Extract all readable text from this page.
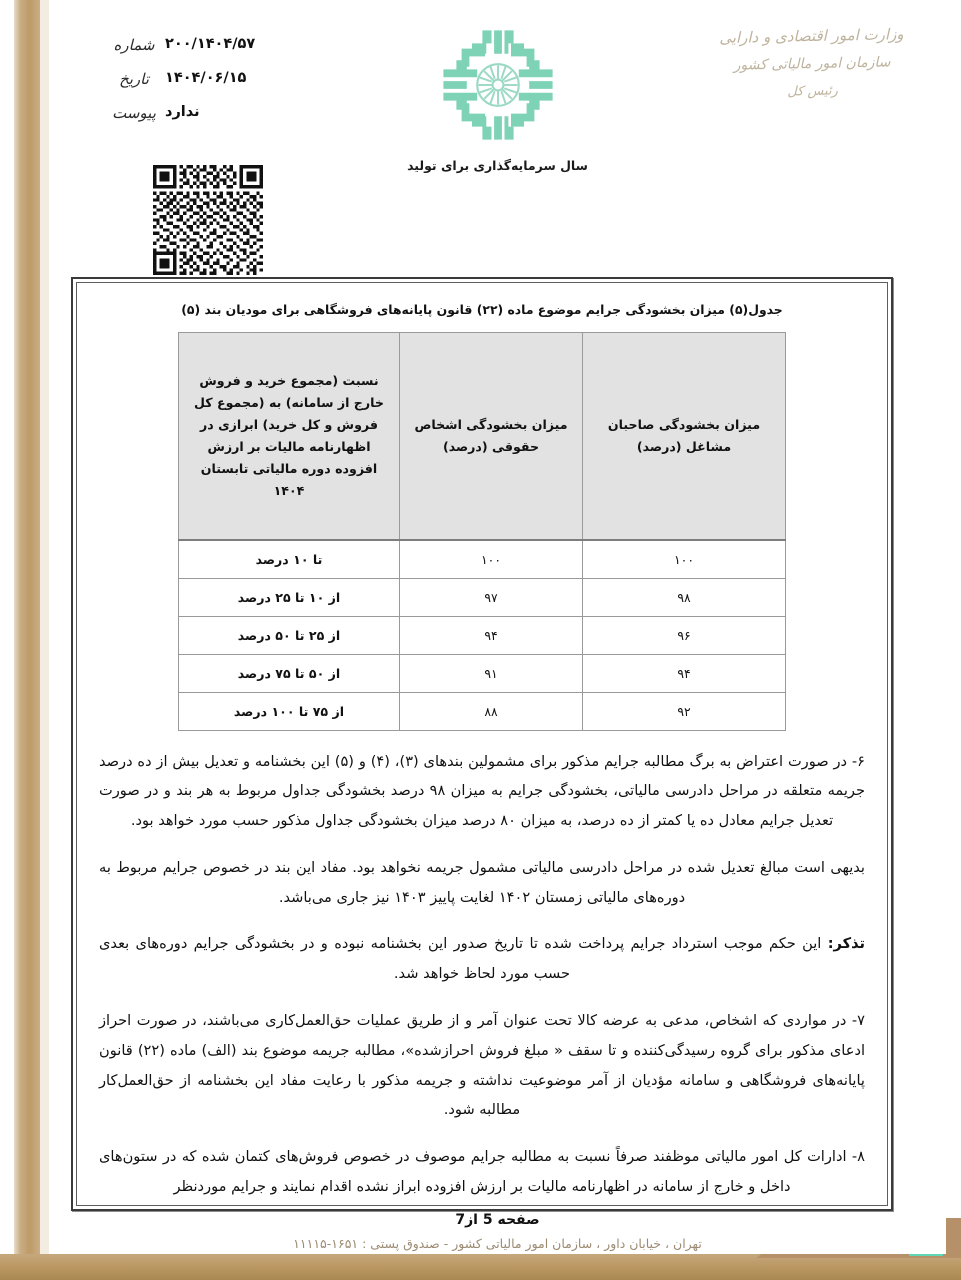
وزارت امور اقتصادی و دارایی
سازمان امور مالیاتی کشور
رئیس کل
سال سرمایه‌گذاری برای تولید
شماره ۲۰۰/۱۴۰۴/۵۷
تاریخ	۱۴۰۴/۰۶/۱۵
پیوست ندارد
جدول(۵) میزان بخشودگی جرایم موضوع ماده (۲۲) قانون پایانه‌های فروشگاهی برای مودیان بند (۵)
میزان بخشودگی صاحبان مشاغل (درصد)	میزان بخشودگی اشخاص حقوقی (درصد)	نسبت (مجموع خرید و فروش خارج از سامانه) به (مجموع کل فروش و کل خرید) ابرازی در اظهارنامه مالیات بر ارزش افزوده دوره مالیاتی تابستان ۱۴۰۴
۱۰۰	۱۰۰	تا ۱۰ درصد
۹۸	۹۷	از ۱۰ تا ۲۵ درصد
۹۶	۹۴	از ۲۵ تا ۵۰ درصد
۹۴	۹۱	از ۵۰ تا ۷۵ درصد
۹۲	۸۸	از ۷۵ تا ۱۰۰ درصد

۶- در صورت اعتراض به برگ مطالبه جرایم مذکور برای مشمولین بندهای (۳)، (۴) و (۵) این بخشنامه و تعدیل بیش از ده درصد جریمه متعلقه در مراحل دادرسی مالیاتی، بخشودگی جرایم به میزان ۹۸ درصد بخشودگی جداول مربوط به هر بند و در صورت تعدیل جرایم معادل ده یا کمتر از ده درصد، به میزان ۸۰ درصد میزان بخشودگی جداول مذکور حسب مورد خواهد بود.

بدیهی است مبالغ تعدیل شده در مراحل دادرسی مالیاتی مشمول جریمه نخواهد بود. مفاد این بند در خصوص جرایم مربوط به دوره‌های مالیاتی زمستان ۱۴۰۲ لغایت پاییز ۱۴۰۳ نیز جاری می‌باشد.

تذکر: این حکم موجب استرداد جرایم پرداخت شده تا تاریخ صدور این بخشنامه نبوده و در بخشودگی جرایم دوره‌های بعدی حسب مورد لحاظ خواهد شد.

۷- در مواردی که اشخاص، مدعی به عرضه کالا تحت عنوان آمر و از طریق عملیات حق‌العمل‌کاری می‌باشند، در صورت احراز ادعای مذکور برای گروه رسیدگی‌کننده و تا سقف « مبلغ فروش احرازشده»، مطالبه جریمه موضوع بند (الف) ماده (۲۲) قانون پایانه‌های فروشگاهی و سامانه مؤدیان از آمر موضوعیت نداشته و جریمه مذکور با رعایت مفاد این بخشنامه از حق‌العمل‌کار مطالبه شود.

۸- ادارات کل امور مالیاتی موظفند صرفاً نسبت به مطالبه جرایم موصوف در خصوص فروش‌های کتمان شده که در ستون‌های داخل و خارج از سامانه در اظهارنامه مالیات بر ارزش افزوده ابراز نشده اقدام نمایند و جرایم موردنظر

صفحه 5 از7
تهران ، خیابان داور ، سازمان امور مالیاتی کشور - صندوق پستی : ۱۶۵۱-۱۱۱۱۵
